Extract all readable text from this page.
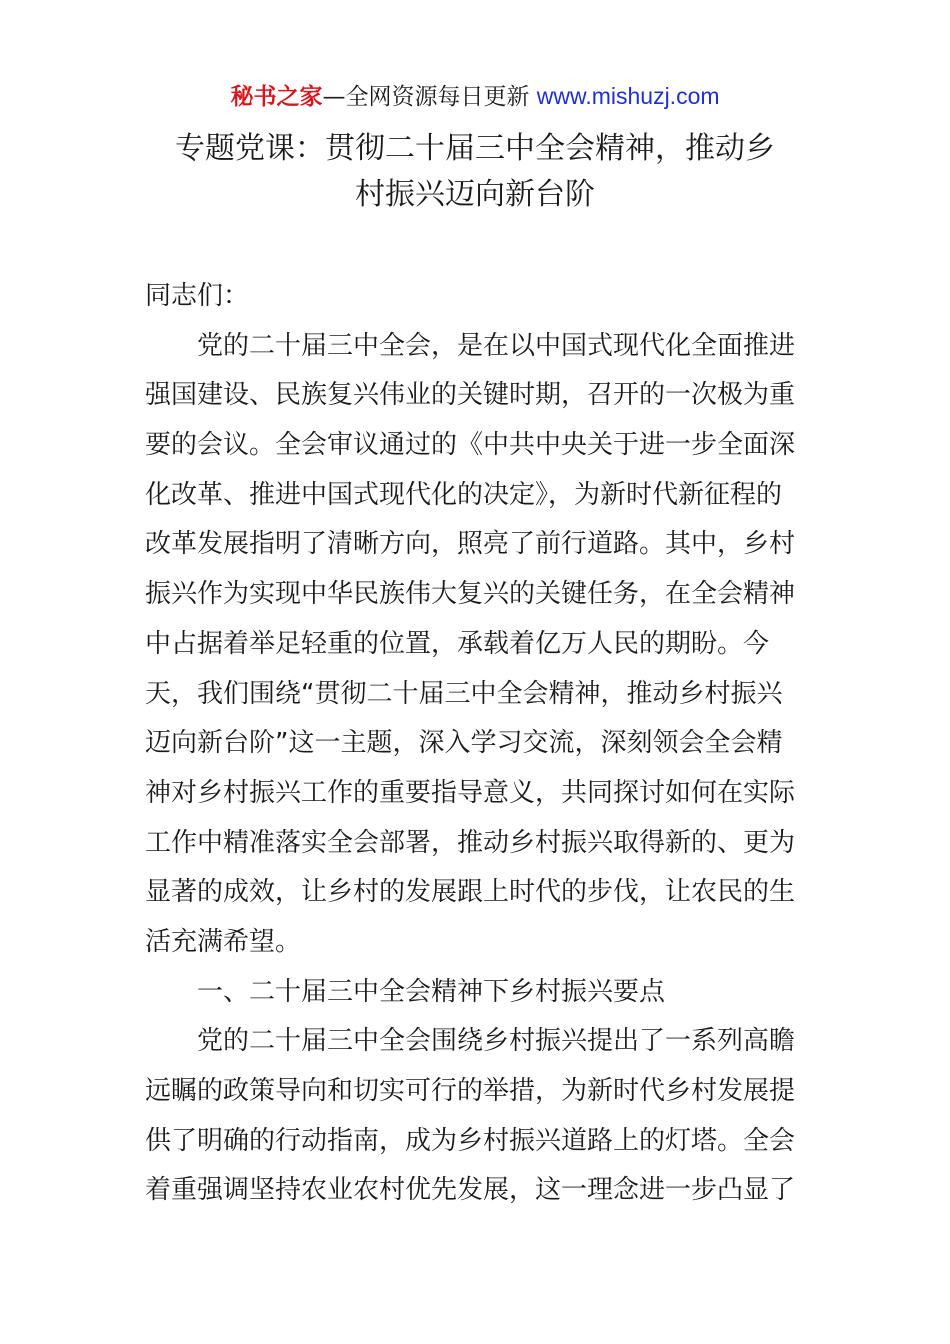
秘书之家—全网资源每日更新 www.mishuzj.com
专题党课：贯彻二十届三中全会精神，推动乡
村振兴迈向新台阶
同志们：
党的二十届三中全会，是在以中国式现代化全面推进
强国建设、民族复兴伟业的关键时期，召开的一次极为重
要的会议。全会审议通过的《中共中央关于进一步全面深
化改革、推进中国式现代化的决定》，为新时代新征程的
改革发展指明了清晰方向，照亮了前行道路。其中，乡村
振兴作为实现中华民族伟大复兴的关键任务，在全会精神
中占据着举足轻重的位置，承载着亿万人民的期盼。今
天，我们围绕“贯彻二十届三中全会精神，推动乡村振兴
迈向新台阶”这一主题，深入学习交流，深刻领会全会精
神对乡村振兴工作的重要指导意义，共同探讨如何在实际
工作中精准落实全会部署，推动乡村振兴取得新的、更为
显著的成效，让乡村的发展跟上时代的步伐，让农民的生
活充满希望。
一、二十届三中全会精神下乡村振兴要点
党的二十届三中全会围绕乡村振兴提出了一系列高瞻
远瞩的政策导向和切实可行的举措，为新时代乡村发展提
供了明确的行动指南，成为乡村振兴道路上的灯塔。全会
着重强调坚持农业农村优先发展，这一理念进一步凸显了
